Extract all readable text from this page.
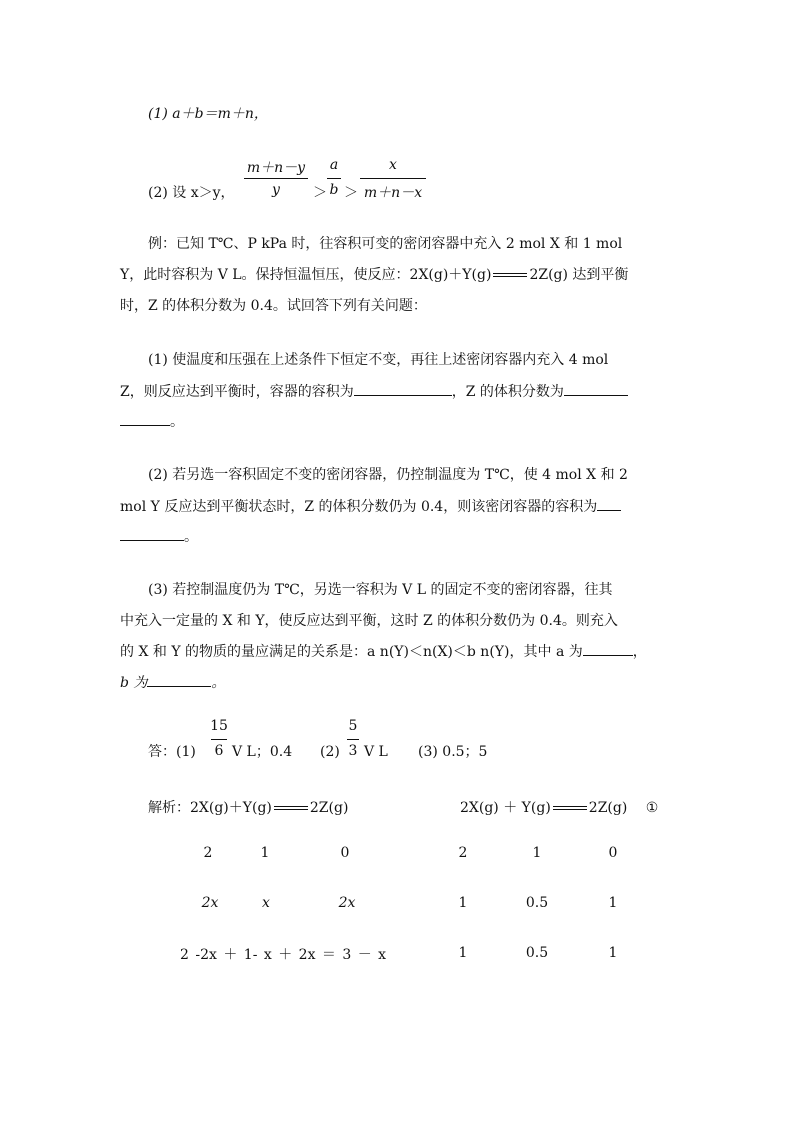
(1) a＋b＝m＋n，
(2) 设 x＞y，
m＋n－y
y	＞
a
b ＞
x
m＋n－x
例：已知 T℃、P kPa 时，往容积可变的密闭容器中充入 2 mol X 和 1 mol
Y，此时容积为 V L。保持恒温恒压，使反应：2X(g)＋Y(g)	2Z(g) 达到平衡
时，Z 的体积分数为 0.4。试回答下列有关问题：
(1) 使温度和压强在上述条件下恒定不变，再往上述密闭容器内充入 4 mol
Z，则反应达到平衡时，容器的容积为	，Z 的体积分数为
。
(2) 若另选一容积固定不变的密闭容器，仍控制温度为 T℃，使 4 mol X 和 2
mol Y 反应达到平衡状态时，Z 的体积分数仍为 0.4，则该密闭容器的容积为
。
(3) 若控制温度仍为 T℃，另选一容积为 V L 的固定不变的密闭容器，往其
中充入一定量的 X 和 Y，使反应达到平衡，这时 Z 的体积分数仍为 0.4。则充入
的 X 和 Y 的物质的量应满足的关系是：a n(Y)＜n(X)＜b n(Y)，其中 a 为	，
b 为	。
答：(1)
15
6 V L；0.4 (2)
5
3 V L (3) 0.5；5
解析：2X(g)＋Y(g)	2Z(g)	2X(g) ＋ Y(g)	2Z(g) ①
2	1	0	2	1	0
2x	x	2x	1	0.5	1
2 -2x ＋ 1- x ＋ 2x ＝ 3 － x	1	0.5	1
